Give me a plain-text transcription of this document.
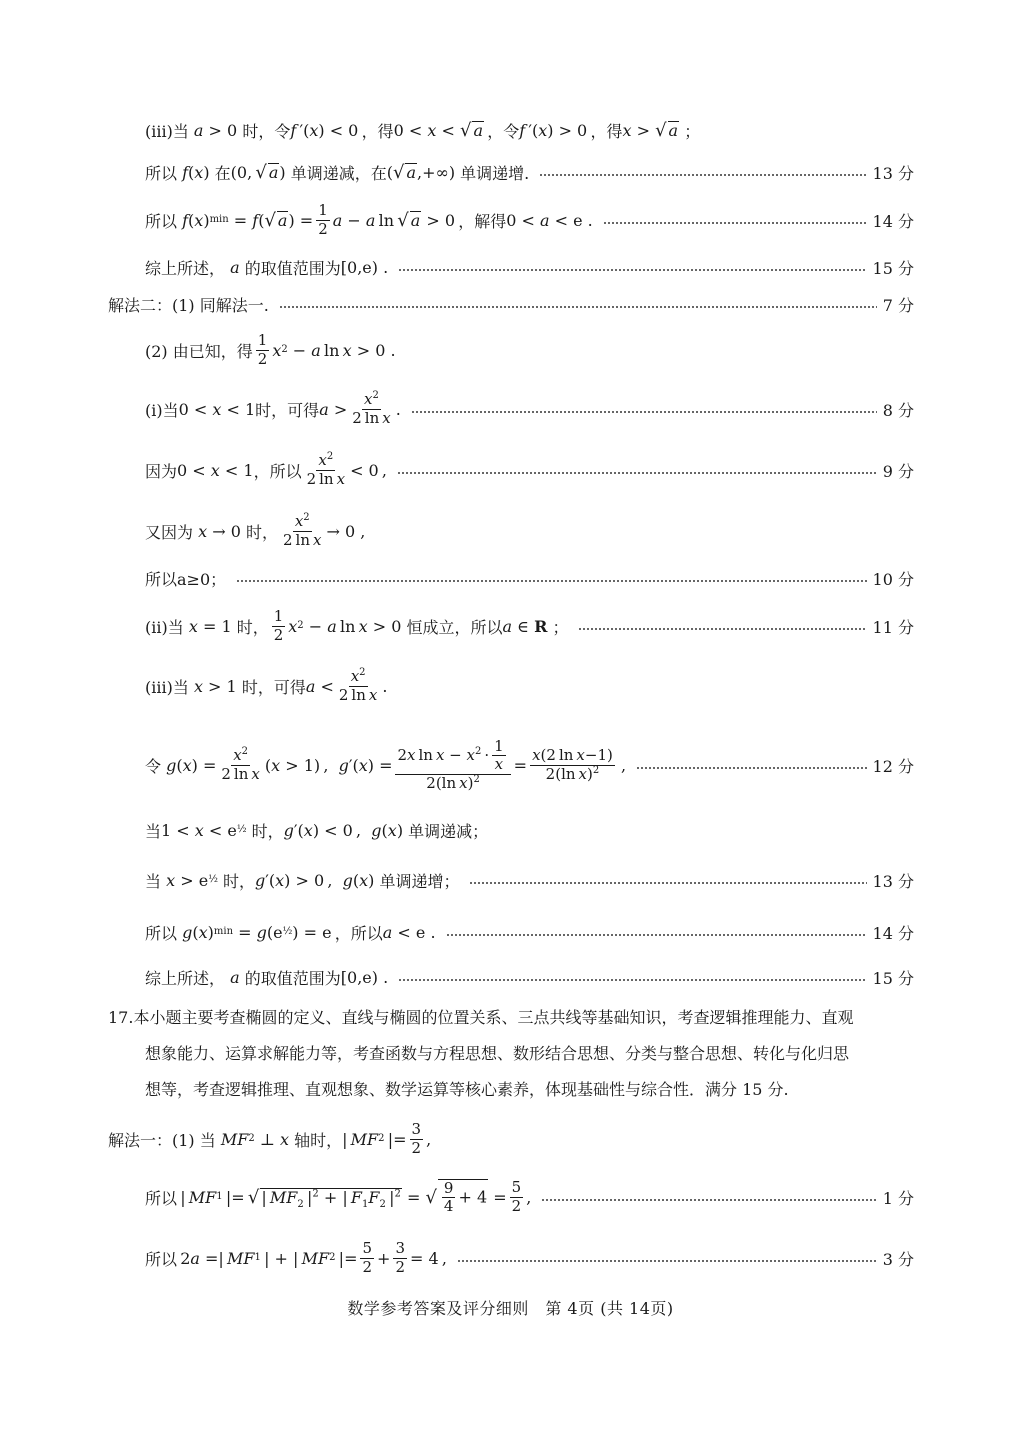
(iii)当 a > 0 时，令 f  ′( x ) < 0  ，得 0 < x < √ a
  ，令 f  ′( x ) > 0  ，得 x > √ a
；
所以
f ( x ) 在 (0,  √ a ) 单调递减，在 ( √ a ,+∞) 单调递增.	13 分
所以
f ( x ) min = f ( √ a ) =
1
2 a − a  ln  √ a > 0  ，解得 0 < a < e .	14 分
综上所述，
a
的取值范围为 [0,e) .	15 分
解法二：(1) 同解法一.	7 分
(2) 由已知，得
1
2 x 2 − a  ln  x > 0 .
(i)当 0 < x < 1 时，可得 a >
$x^2$
2 ln x .	8 分
因为 0 < x < 1 ，所以
$x^2$
2 ln x < 0 ,	9 分
又因为
x → 0 时，
$x^2$
2 ln x → 0 ,
所以a≥0；	10 分
(ii)当
x = 1 时，
1
2 x 2 − a  ln  x > 0 恒成立，所以 a ∈ R ；	11 分
(iii)当
x > 1 时，可得 a <
$x^2$
2 ln x .
令
g ( x ) =
$x^2$
2 ln x ( x > 1) , g ′( x ) =
2x $\ln x - x^2 \cdot \frac{1}{x}$
2(ln x)$^2$
=
x(2 ln x−1)
2(ln x)$^2$  ,	12 分
当 1 < x < e ½
时， g ′( x ) < 0 , g ( x ) 单调递减；
当
x > e ½
时， g ′( x ) > 0 , g ( x ) 单调递增；	13 分
所以
g ( x ) min = g (e ½ ) = e  ，所以 a < e .	14 分
综上所述，
a
的取值范围为 [0,e) .	15 分
17.本小题主要考查椭圆的定义、直线与椭圆的位置关系、三点共线等基础知识，考查逻辑推理能力、直观
想象能力、运算求解能力等，考查函数与方程思想、数形结合思想、分类与整合思想、转化与化归思
想等，考查逻辑推理、直观想象、数学运算等核心素养，体现基础性与综合性．满分 15 分.
解法一：(1) 当
MF 2 ⊥ x
轴时， |  MF 2  |=
3
2 ,
所以  |  MF 1  |=  √ | $MF_2$ $|^2$ + | $F_1F_2$ $|^2$ = √ $\frac{9}{4} + 4$ =
5
2 ,	1 分
所以  2 a =|  MF 1  | + |  MF 2  |=
5
2 +
3
2 = 4 ,	3 分
数学参考答案及评分细则　第 4页 (共 14页)
